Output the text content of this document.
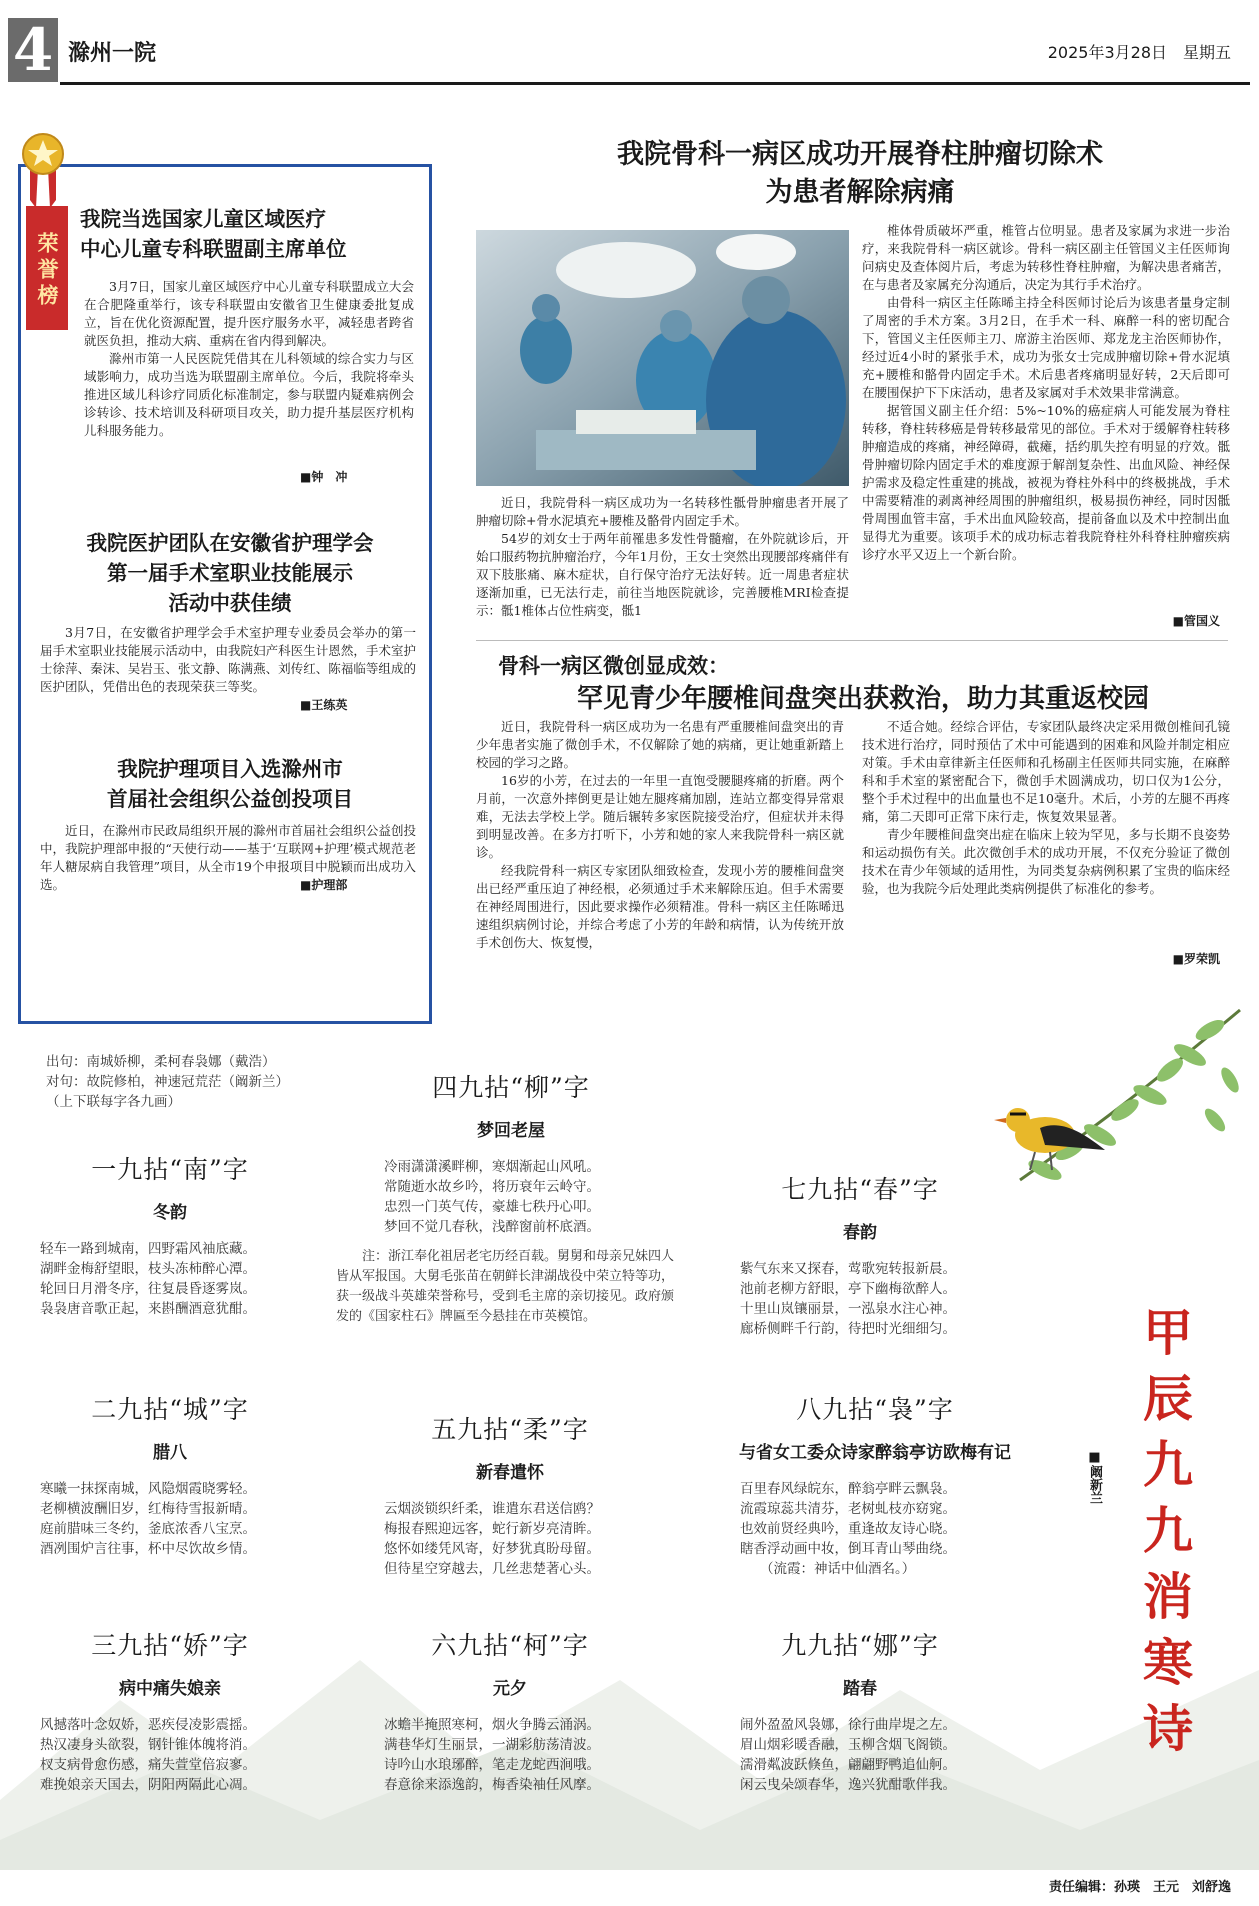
4 滁州一院	2025年3月28日　星期五
荣誉榜
我院当选国家儿童区域医疗
中心儿童专科联盟副主席单位

3月7日，国家儿童区域医疗中心儿童专科联盟成立大会在合肥隆重举行，该专科联盟由安徽省卫生健康委批复成立，旨在优化资源配置，提升医疗服务水平，减轻患者跨省就医负担，推动大病、重病在省内得到解决。

滁州市第一人民医院凭借其在儿科领域的综合实力与区域影响力，成功当选为联盟副主席单位。今后，我院将牵头推进区域儿科诊疗同质化标准制定，参与联盟内疑难病例会诊转诊、技术培训及科研项目攻关，助力提升基层医疗机构儿科服务能力。

■钟　冲
我院医护团队在安徽省护理学会
第一届手术室职业技能展示
活动中获佳绩

3月7日，在安徽省护理学会手术室护理专业委员会举办的第一届手术室职业技能展示活动中，由我院妇产科医生计恩然，手术室护士徐萍、秦沫、吴岩玉、张文静、陈满燕、刘传红、陈福临等组成的医护团队，凭借出色的表现荣获三等奖。

■王练英
我院护理项目入选滁州市
首届社会组织公益创投项目

近日，在滁州市民政局组织开展的滁州市首届社会组织公益创投中，我院护理部申报的“天使行动——基于‘互联网+护理’模式规范老年人糖尿病自我管理”项目，从全市19个申报项目中脱颖而出成功入选。	■护理部
我院骨科一病区成功开展脊柱肿瘤切除术
为患者解除病痛

近日，我院骨科一病区成功为一名转移性骶骨肿瘤患者开展了肿瘤切除+骨水泥填充+腰椎及骼骨内固定手术。

54岁的刘女士于两年前罹患多发性骨髓瘤，在外院就诊后，开始口服药物抗肿瘤治疗，今年1月份，王女士突然出现腰部疼痛伴有双下肢胀痛、麻木症状，自行保守治疗无法好转。近一周患者症状逐渐加重，已无法行走，前往当地医院就诊，完善腰椎MRI检查提示：骶1椎体占位性病变，骶1

椎体骨质破坏严重，椎管占位明显。患者及家属为求进一步治疗，来我院骨科一病区就诊。骨科一病区副主任管国义主任医师询问病史及查体阅片后，考虑为转移性脊柱肿瘤，为解决患者痛苦，在与患者及家属充分沟通后，决定为其行手术治疗。

由骨科一病区主任陈晞主持全科医师讨论后为该患者量身定制了周密的手术方案。3月2日，在手术一科、麻醉一科的密切配合下，管国义主任医师主刀、席游主治医师、郑龙龙主治医师协作，经过近4小时的紧张手术，成功为张女士完成肿瘤切除+骨水泥填充+腰椎和骼骨内固定手术。术后患者疼痛明显好转，2天后即可在腰围保护下下床活动，患者及家属对手术效果非常满意。

据管国义副主任介绍：5%~10%的癌症病人可能发展为脊柱转移，脊柱转移癌是骨转移最常见的部位。手术对于缓解脊柱转移肿瘤造成的疼痛，神经障碍，截瘫，括约肌失控有明显的疗效。骶骨肿瘤切除内固定手术的难度源于解剖复杂性、出血风险、神经保护需求及稳定性重建的挑战，被视为脊柱外科中的终极挑战，手术中需要精准的剥离神经周围的肿瘤组织，极易损伤神经，同时因骶骨周围血管丰富，手术出血风险较高，提前备血以及术中控制出血显得尤为重要。该项手术的成功标志着我院脊柱外科脊柱肿瘤疾病诊疗水平又迈上一个新台阶。

■管国义
骨科一病区微创显成效：
罕见青少年腰椎间盘突出获救治，助力其重返校园

近日，我院骨科一病区成功为一名患有严重腰椎间盘突出的青少年患者实施了微创手术，不仅解除了她的病痛，更让她重新踏上校园的学习之路。

16岁的小芳，在过去的一年里一直饱受腰腿疼痛的折磨。两个月前，一次意外摔倒更是让她左腿疼痛加剧，连站立都变得异常艰难，无法去学校上学。随后辗转多家医院接受治疗，但症状并未得到明显改善。在多方打听下，小芳和她的家人来我院骨科一病区就诊。

经我院骨科一病区专家团队细致检查，发现小芳的腰椎间盘突出已经严重压迫了神经根，必须通过手术来解除压迫。但手术需要在神经周围进行，因此要求操作必须精准。骨科一病区主任陈晞迅速组织病例讨论，并综合考虑了小芳的年龄和病情，认为传统开放手术创伤大、恢复慢，

不适合她。经综合评估，专家团队最终决定采用微创椎间孔镜技术进行治疗，同时预估了术中可能遇到的困难和风险并制定相应对策。手术由章律新主任医师和孔杨副主任医师共同实施，在麻醉科和手术室的紧密配合下，微创手术圆满成功，切口仅为1公分，整个手术过程中的出血量也不足10毫升。术后，小芳的左腿不再疼痛，第二天即可正常下床行走，恢复效果显著。

青少年腰椎间盘突出症在临床上较为罕见，多与长期不良姿势和运动损伤有关。此次微创手术的成功开展，不仅充分验证了微创技术在青少年领域的适用性，为同类复杂病例积累了宝贵的临床经验，也为我院今后处理此类病例提供了标准化的参考。

■罗荣凯
甲辰九九消寒诗
■阚新兰
出句：南城娇柳，柔柯春袅娜（戴浩）
对句：故院修柏，神速冠荒茫（阚新兰）
（上下联每字各九画）
一九拈“南”字
冬韵
轻车一路到城南，四野霜风袖底藏。
湖畔金梅舒望眼，枝头冻柿醉心潭。
轮回日月滑冬序，往复晨昏逐雾岚。
袅袅唐音歌正起，来斟酬酒意犹酣。
二九拈“城”字
腊八
寒曦一抹探南城，风隐烟霞晓雾轻。
老柳横波酬旧岁，红梅待雪报新晴。
庭前腊味三冬约，釜底浓香八宝烹。
酒冽围炉言往事，杯中尽饮故乡情。
三九拈“娇”字
病中痛失娘亲
风撼落叶念奴娇，恶疾侵凌影震摇。
热汉凄身头欲裂，钢针锥体魄将消。
杈支病骨愈伤感，痛失萱堂倍寂寥。
难挽娘亲天国去，阴阳两隔此心凋。
四九拈“柳”字
梦回老屋
冷雨潇潇溪畔柳，寒烟渐起山风吼。
常随逝水故乡吟，将历衰年云岭守。
忠烈一门英气传，豪雄七秩丹心叩。
梦回不觉几春秋，浅醉窗前杯底酒。
注：浙江奉化祖居老宅历经百载。舅舅和母亲兄妹四人皆从军报国。大舅毛张苗在朝鲜长津湖战役中荣立特等功，获一级战斗英雄荣誉称号，受到毛主席的亲切接见。政府颁发的《国家柱石》牌匾至今悬挂在市英模馆。
五九拈“柔”字
新春遣怀
云烟淡锁织纤柔，谁遣东君送信鸥？
梅报春熙迎远客，蛇行新岁亮清眸。
悠怀如缕凭风寄，好梦犹真盼母留。
但待星空穿越去，几丝悲楚著心头。
六九拈“柯”字
元夕
冰蟾半掩照寒柯，烟火争腾云涌涡。
满巷华灯生丽景，一湖彩舫荡清波。
诗吟山水琅琊醉，笔走龙蛇西涧哦。
春意徐来添逸韵，梅香染袖任风摩。
七九拈“春”字
春韵
紫气东来又探春，莺歌宛转报新晨。
池前老柳方舒眼，亭下幽梅欲醉人。
十里山岚镶丽景，一泓泉水注心神。
廊桥侧畔千行韵，待把时光细细匀。
八九拈“袅”字
与省女工委众诗家醉翁亭访欧梅有记
百里春风绿皖东，醉翁亭畔云飘袅。
流霞琼蕊共清芬，老树虬枝亦窈窕。
也效前贤经典吟，重逢故友诗心晓。
瞎香浮动画中妆，倒耳青山琴曲绕。
（流霞：神话中仙酒名。）
九九拈“娜”字
踏春
闹外盈盈风袅娜，徐行曲岸堤之左。
眉山烟彩暖香融，玉柳含烟飞阁锁。
濡滑粼波跃倏鱼，翩翩野鸭追仙舸。
闲云曳朵颂春华，逸兴犹酣歌伴我。
责任编辑：孙瑛　王元　刘舒逸
